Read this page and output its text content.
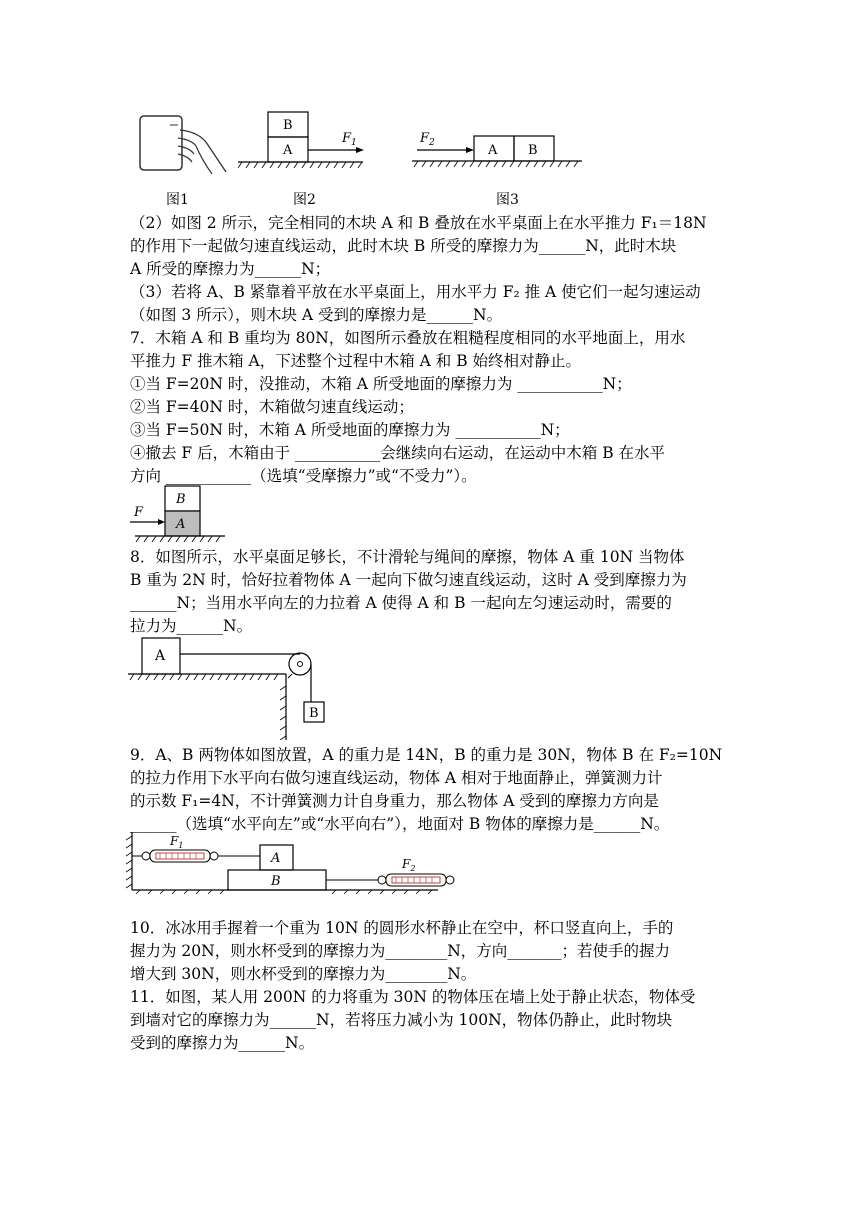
图1
B
A
$F_1$
图2
A B
$F_2$
图3
（2）如图 2 所示，完全相同的木块 A 和 B 叠放在水平桌面上在水平推力 F₁＝18N
的作用下一起做匀速直线运动，此时木块 B 所受的摩擦力为______N，此时木块
A 所受的摩擦力为______N；
（3）若将 A、B 紧靠着平放在水平桌面上，用水平力 F₂ 推 A 使它们一起匀速运动
（如图 3 所示），则木块 A 受到的摩擦力是______N。
7．木箱 A 和 B 重均为 80N，如图所示叠放在粗糙程度相同的水平地面上，用水
平推力 F 推木箱 A，下述整个过程中木箱 A 和 B 始终相对静止。
①当 F=20N 时，没推动，木箱 A 所受地面的摩擦力为 ___________N；
②当 F=40N 时，木箱做匀速直线运动；
③当 F=50N 时，木箱 A 所受地面的摩擦力为 ___________N；
④撤去 F 后，木箱由于 ___________会继续向右运动，在运动中木箱 B 在水平
方向 ___________（选填“受摩擦力”或“不受力”）。
B
A
F
8．如图所示，水平桌面足够长，不计滑轮与绳间的摩擦，物体 A 重 10N 当物体
B 重为 2N 时，恰好拉着物体 A 一起向下做匀速直线运动，这时 A 受到摩擦力为
______N；当用水平向左的力拉着 A 使得 A 和 B 一起向左匀速运动时，需要的
拉力为______N。
A
B
9．A、B 两物体如图放置，A 的重力是 14N，B 的重力是 30N，物体 B 在 F₂=10N
的拉力作用下水平向右做匀速直线运动，物体 A 相对于地面静止，弹簧测力计
的示数 F₁=4N，不计弹簧测力计自身重力，那么物体 A 受到的摩擦力方向是
______（选填“水平向左”或“水平向右”），地面对 B 物体的摩擦力是______N。
$F_1$
A
B
$F_2$
10．冰冰用手握着一个重为 10N 的圆形水杯静止在空中，杯口竖直向上，手的
握力为 20N，则水杯受到的摩擦力为________N，方向_______；若使手的握力
增大到 30N，则水杯受到的摩擦力为________N。
11．如图，某人用 200N 的力将重为 30N 的物体压在墙上处于静止状态，物体受
到墙对它的摩擦力为______N，若将压力减小为 100N，物体仍静止，此时物块
受到的摩擦力为______N。
